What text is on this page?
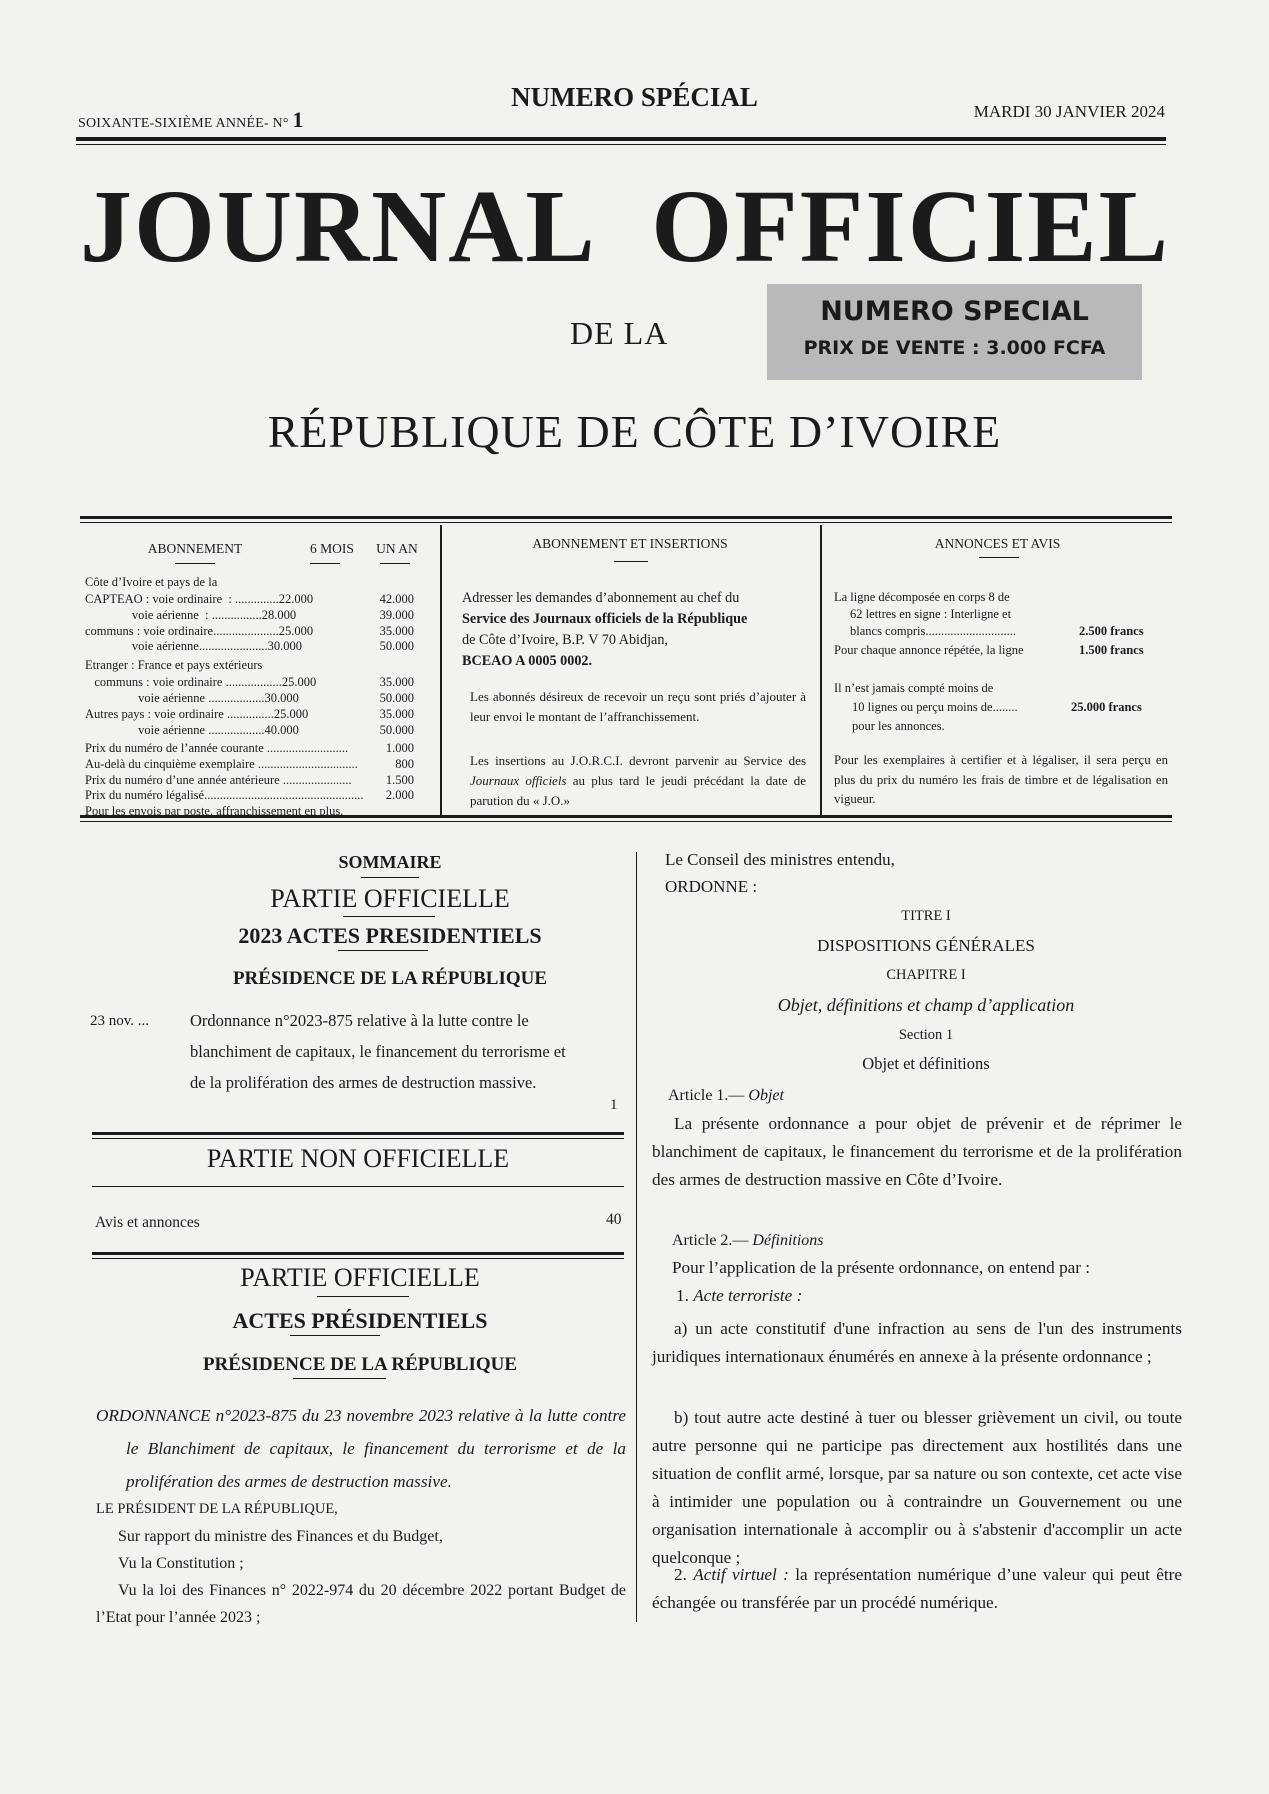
SOIXANTE-SIXIÈME ANNÉE- N° 1
NUMERO SPÉCIAL	MARDI 30 JANVIER 2024
JOURNAL OFFICIEL
DE LA
NUMERO SPECIAL
PRIX DE VENTE : 3.000 FCFA
RÉPUBLIQUE DE CÔTE D’IVOIRE
ABONNEMENT	6 MOIS	UN AN
Côte d’Ivoire et pays de la
CAPTEAO : voie ordinaire  : ..............22.000	42.000
voie aérienne  : ................28.000	39.000
communs : voie ordinaire.....................25.000	35.000
voie aérienne......................30.000	50.000
Etranger : France et pays extérieurs
communs : voie ordinaire ..................25.000	35.000
voie aérienne ..................30.000	50.000
Autres pays : voie ordinaire ...............25.000	35.000
voie aérienne ..................40.000	50.000
Prix du numéro de l’année courante ..........................	1.000
Au-delà du cinquième exemplaire ................................	800
Prix du numéro d’une année antérieure ......................	1.500
Prix du numéro légalisé...................................................	2.000
Pour les envois par poste, affranchissement en plus.
ABONNEMENT ET INSERTIONS
Adresser les demandes d’abonnement au chef du
Service des Journaux officiels de la République
de Côte d’Ivoire, B.P. V 70 Abidjan,
BCEAO A 0005 0002.
Les abonnés désireux de recevoir un reçu sont priés d’ajouter à leur envoi le montant de l’affranchissement.
Les insertions au J.O.R.C.I. devront parvenir au Service des Journaux officiels au plus tard le jeudi précédant la date de parution du « J.O.»
ANNONCES ET AVIS
La ligne décomposée en corps 8 de
62 lettres en signe : Interligne et
blancs compris.............................	2.500 francs
Pour chaque annonce répétée, la ligne	1.500 francs
Il n’est jamais compté moins de
10 lignes ou perçu moins de........	25.000 francs
pour les annonces.
Pour les exemplaires à certifier et à légaliser, il sera perçu en plus du prix du numéro les frais de timbre et de légalisation en vigueur.
SOMMAIRE
PARTIE OFFICIELLE
2023 ACTES PRESIDENTIELS
PRÉSIDENCE DE LA RÉPUBLIQUE
23 nov. ... Ordonnance n°2023-875 relative à la lutte contre le blanchiment de capitaux, le financement du terrorisme et de la prolifération des armes de destruction massive.
1
PARTIE NON OFFICIELLE
Avis et annonces	40
PARTIE OFFICIELLE
ACTES PRÉSIDENTIELS
PRÉSIDENCE DE LA RÉPUBLIQUE
ORDONNANCE n°2023-875 du 23 novembre 2023 relative à la lutte contre le Blanchiment de capitaux, le financement du terrorisme et de la prolifération des armes de destruction massive.
LE PRÉSIDENT DE LA RÉPUBLIQUE,
Sur rapport du ministre des Finances et du Budget,
Vu la Constitution ;
Vu la loi des Finances n° 2022-974 du 20 décembre 2022 portant Budget de l’Etat pour l’année 2023 ;
Le Conseil des ministres entendu,
ORDONNE :
TITRE I
DISPOSITIONS GÉNÉRALES
CHAPITRE I
Objet, définitions et champ d’application
Section 1
Objet et définitions
Article 1.— Objet
La présente ordonnance a pour objet de prévenir et de réprimer le blanchiment de capitaux, le financement du terrorisme et de la prolifération des armes de destruction massive en Côte d’Ivoire.
Article 2.— Définitions
Pour l’application de la présente ordonnance, on entend par :
1. Acte terroriste :
a) un acte constitutif d'une infraction au sens de l'un des instruments juridiques internationaux énumérés en annexe à la présente ordonnance ;
b) tout autre acte destiné à tuer ou blesser grièvement un civil, ou toute autre personne qui ne participe pas directement aux hostilités dans une situation de conflit armé, lorsque, par sa nature ou son contexte, cet acte vise à intimider une population ou à contraindre un Gouvernement ou une organisation internationale à accomplir ou à s'abstenir d'accomplir un acte quelconque ;
2. Actif virtuel : la représentation numérique d’une valeur qui peut être échangée ou transférée par un procédé numérique.
